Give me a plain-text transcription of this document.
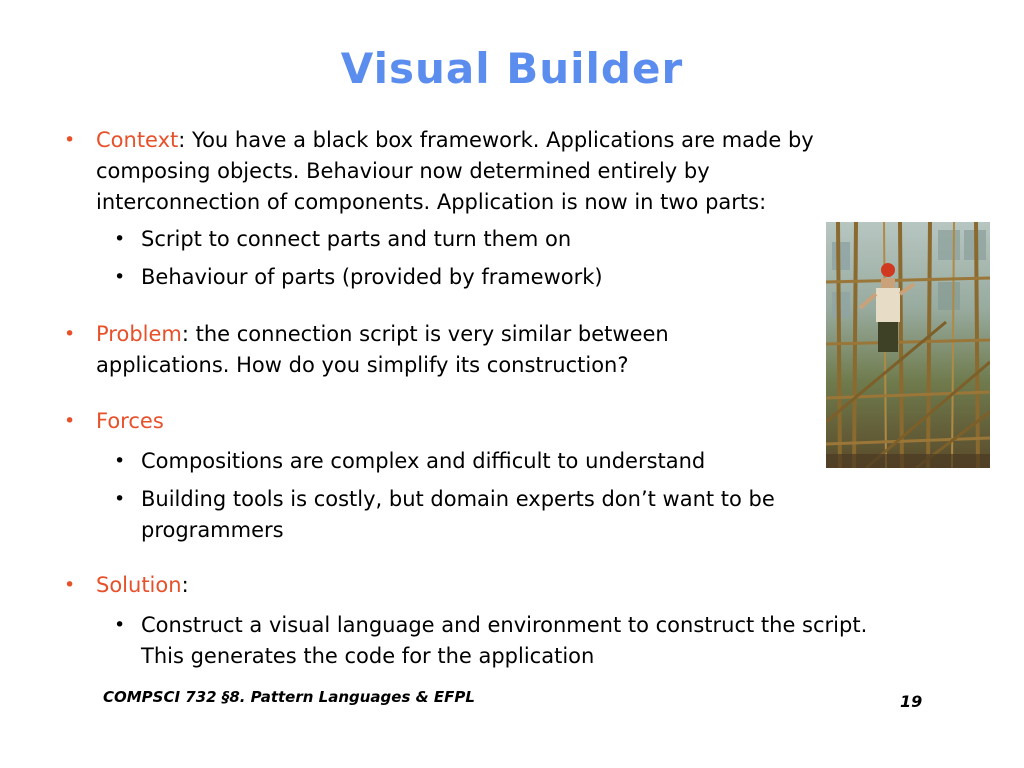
Visual Builder
• Context: You have a black box framework. Applications are made by
composing objects. Behaviour now determined entirely by
interconnection of components. Application is now in two parts:
• Script to connect parts and turn them on
• Behaviour of parts (provided by framework)
• Problem: the connection script is very similar between
applications. How do you simplify its construction?
• Forces
• Compositions are complex and difficult to understand
• Building tools is costly, but domain experts don’t want to be
programmers
• Solution:
• Construct a visual language and environment to construct the script.
This generates the code for the application
COMPSCI 732 §8. Pattern Languages & EFPL	19
